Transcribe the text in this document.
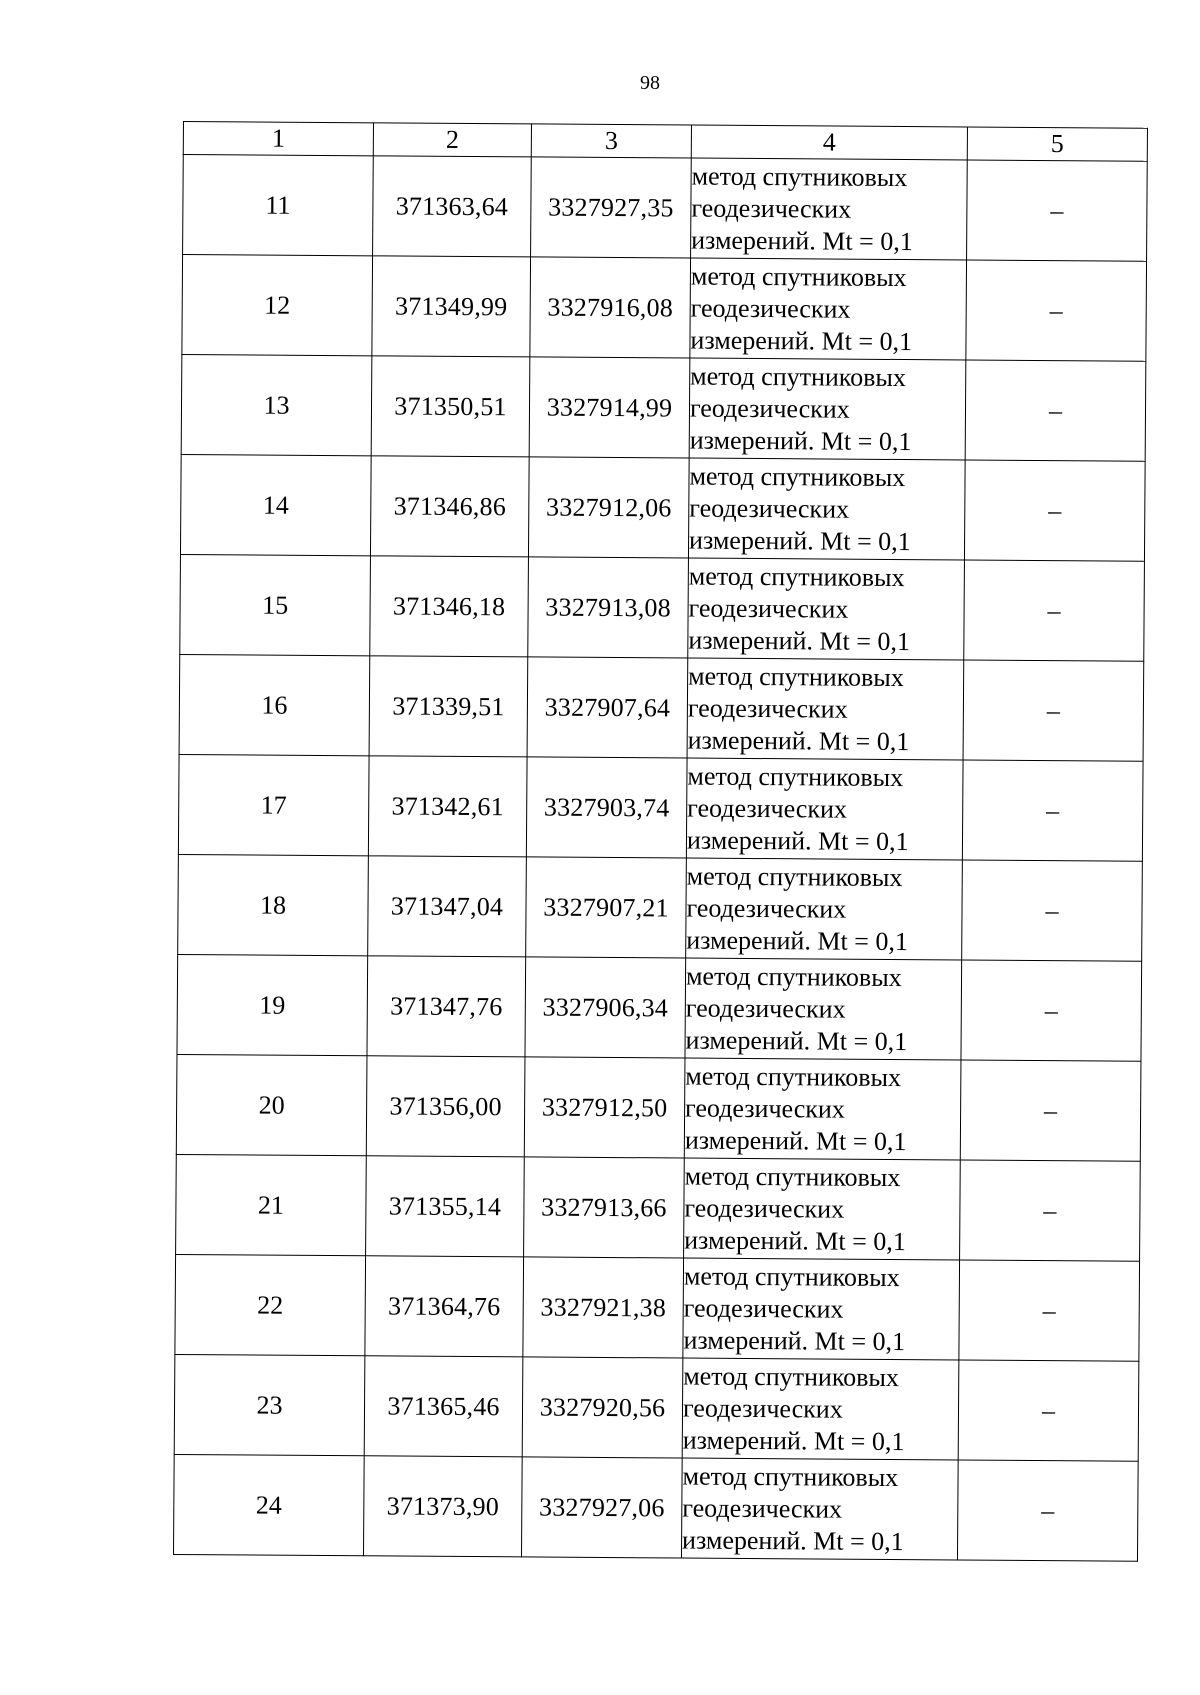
98
1	2	3	4	5
11	371363,64	3327927,35	метод спутниковых
геодезических
измерений. Mt = 0,1	–
12	371349,99	3327916,08	метод спутниковых
геодезических
измерений. Mt = 0,1	–
13	371350,51	3327914,99	метод спутниковых
геодезических
измерений. Mt = 0,1	–
14	371346,86	3327912,06	метод спутниковых
геодезических
измерений. Mt = 0,1	–
15	371346,18	3327913,08	метод спутниковых
геодезических
измерений. Mt = 0,1	–
16	371339,51	3327907,64	метод спутниковых
геодезических
измерений. Mt = 0,1	–
17	371342,61	3327903,74	метод спутниковых
геодезических
измерений. Mt = 0,1	–
18	371347,04	3327907,21	метод спутниковых
геодезических
измерений. Mt = 0,1	–
19	371347,76	3327906,34	метод спутниковых
геодезических
измерений. Mt = 0,1	–
20	371356,00	3327912,50	метод спутниковых
геодезических
измерений. Mt = 0,1	–
21	371355,14	3327913,66	метод спутниковых
геодезических
измерений. Mt = 0,1	–
22	371364,76	3327921,38	метод спутниковых
геодезических
измерений. Mt = 0,1	–
23	371365,46	3327920,56	метод спутниковых
геодезических
измерений. Mt = 0,1	–
24	371373,90	3327927,06	метод спутниковых
геодезических
измерений. Mt = 0,1	–
